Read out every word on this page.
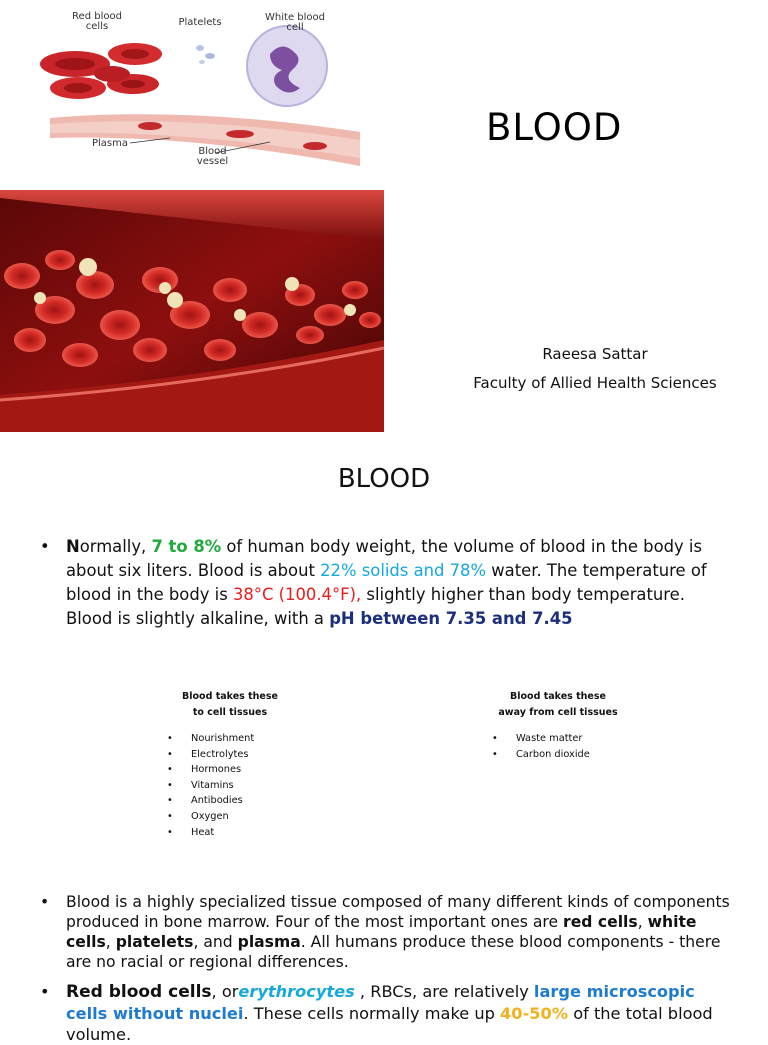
Red blood
cells	Platelets	White blood
cell
Plasma
Blood
vessel
BLOOD
Raeesa Sattar
Faculty of Allied Health Sciences
BLOOD
• Normally, 7 to 8% of human body weight, the volume of blood in the body is about six liters. Blood is about 22% solids and 78% water. The temperature of blood in the body is 38°C (100.4°F), slightly higher than body temperature. Blood is slightly alkaline, with a pH between 7.35 and 7.45
Blood takes these
to cell tissues
• Nourishment
• Electrolytes
• Hormones
• Vitamins
• Antibodies
• Oxygen
• Heat
Blood takes these
away from cell tissues
• Waste matter
• Carbon dioxide
• Blood is a highly specialized tissue composed of many different kinds of components produced in bone marrow. Four of the most important ones are red cells, white cells, platelets, and plasma. All humans produce these blood components - there are no racial or regional differences.
• Red blood cells, orerythrocytes , RBCs, are relatively large microscopic cells without nuclei. These cells normally make up 40-50% of the total blood volume.
